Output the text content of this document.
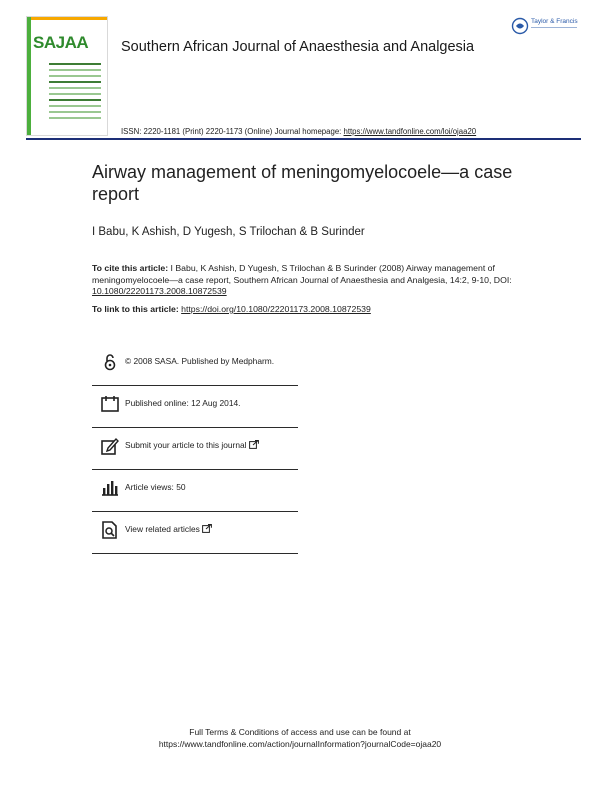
SAJAA Southern African Journal of Anaesthesia and Analgesia
Taylor & Francis
ISSN: 2220-1181 (Print) 2220-1173 (Online) Journal homepage: https://www.tandfonline.com/loi/ojaa20
Airway management of meningomyelocoele—a case report
I Babu, K Ashish, D Yugesh, S Trilochan & B Surinder
To cite this article: I Babu, K Ashish, D Yugesh, S Trilochan & B Surinder (2008) Airway management of meningomyelocoele—a case report, Southern African Journal of Anaesthesia and Analgesia, 14:2, 9-10, DOI: 10.1080/22201173.2008.10872539
To link to this article: https://doi.org/10.1080/22201173.2008.10872539
© 2008 SASA. Published by Medpharm.
Published online: 12 Aug 2014.
Submit your article to this journal
Article views: 50
View related articles
Full Terms & Conditions of access and use can be found at
https://www.tandfonline.com/action/journalInformation?journalCode=ojaa20
